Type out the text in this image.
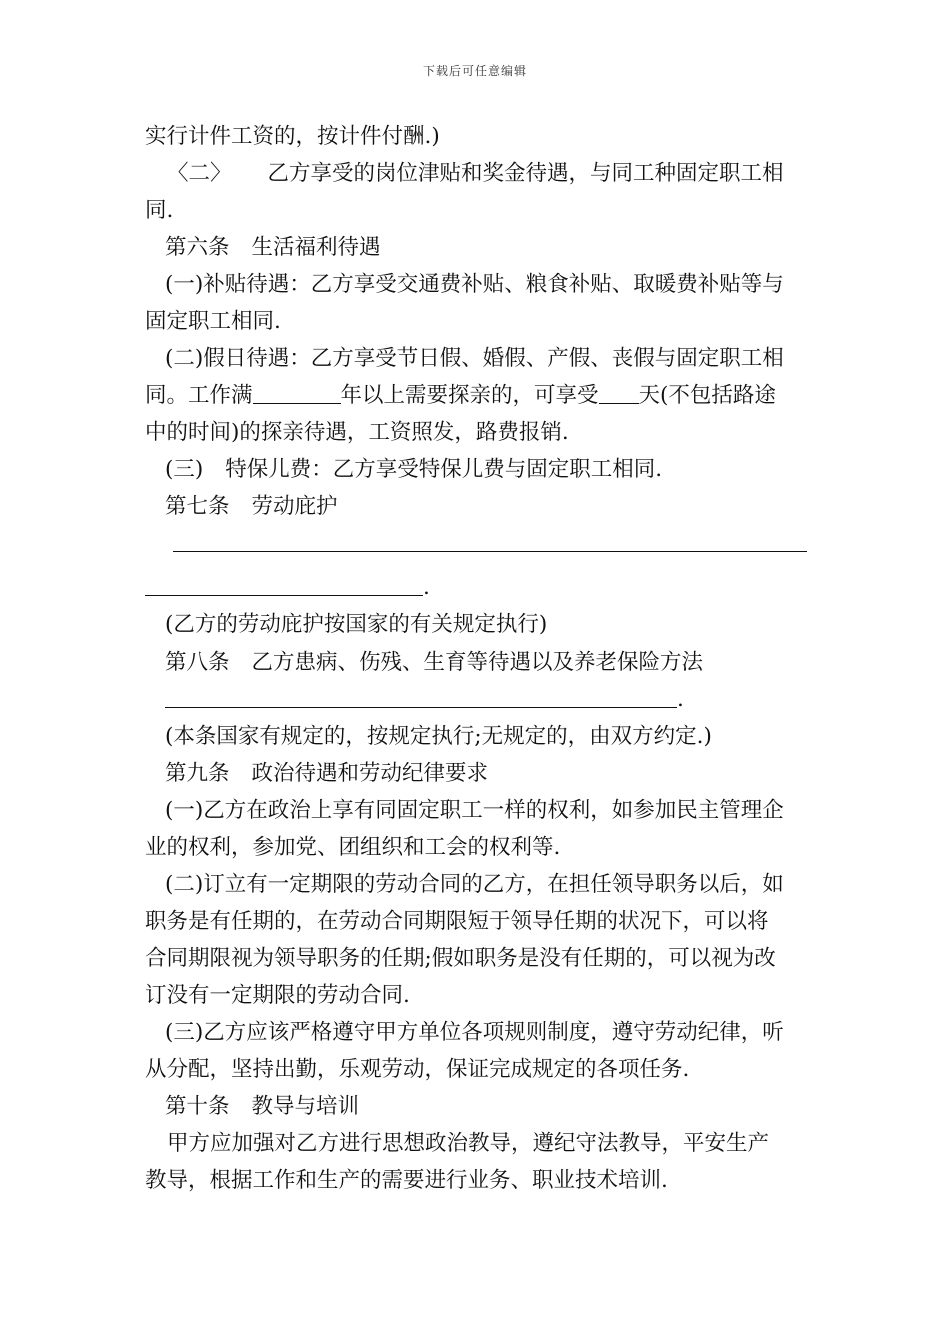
下载后可任意编辑
实行计件工资的，按计件付酬.)
〈二〉 乙方享受的岗位津贴和奖金待遇，与同工种固定职工相
同.
第六条 生活福利待遇
(一)补贴待遇：乙方享受交通费补贴、粮食补贴、取暖费补贴等与
固定职工相同.
(二)假日待遇：乙方享受节日假、婚假、产假、丧假与固定职工相
同。工作满	年以上需要探亲的，可享受 天(不包括路途
中的时间)的探亲待遇，工资照发，路费报销.
(三) 特保儿费：乙方享受特保儿费与固定职工相同.
第七条 劳动庇护
.
(乙方的劳动庇护按国家的有关规定执行)
第八条 乙方患病、伤残、生育等待遇以及养老保险方法
.
(本条国家有规定的，按规定执行;无规定的，由双方约定.)
第九条 政治待遇和劳动纪律要求
(一)乙方在政治上享有同固定职工一样的权利，如参加民主管理企
业的权利，参加党、团组织和工会的权利等.
(二)订立有一定期限的劳动合同的乙方，在担任领导职务以后，如
职务是有任期的，在劳动合同期限短于领导任期的状况下，可以将
合同期限视为领导职务的任期;假如职务是没有任期的，可以视为改
订没有一定期限的劳动合同.
(三)乙方应该严格遵守甲方单位各项规则制度，遵守劳动纪律，听
从分配，坚持出勤，乐观劳动，保证完成规定的各项任务.
第十条 教导与培训
甲方应加强对乙方进行思想政治教导，遵纪守法教导，平安生产
教导，根据工作和生产的需要进行业务、职业技术培训.
